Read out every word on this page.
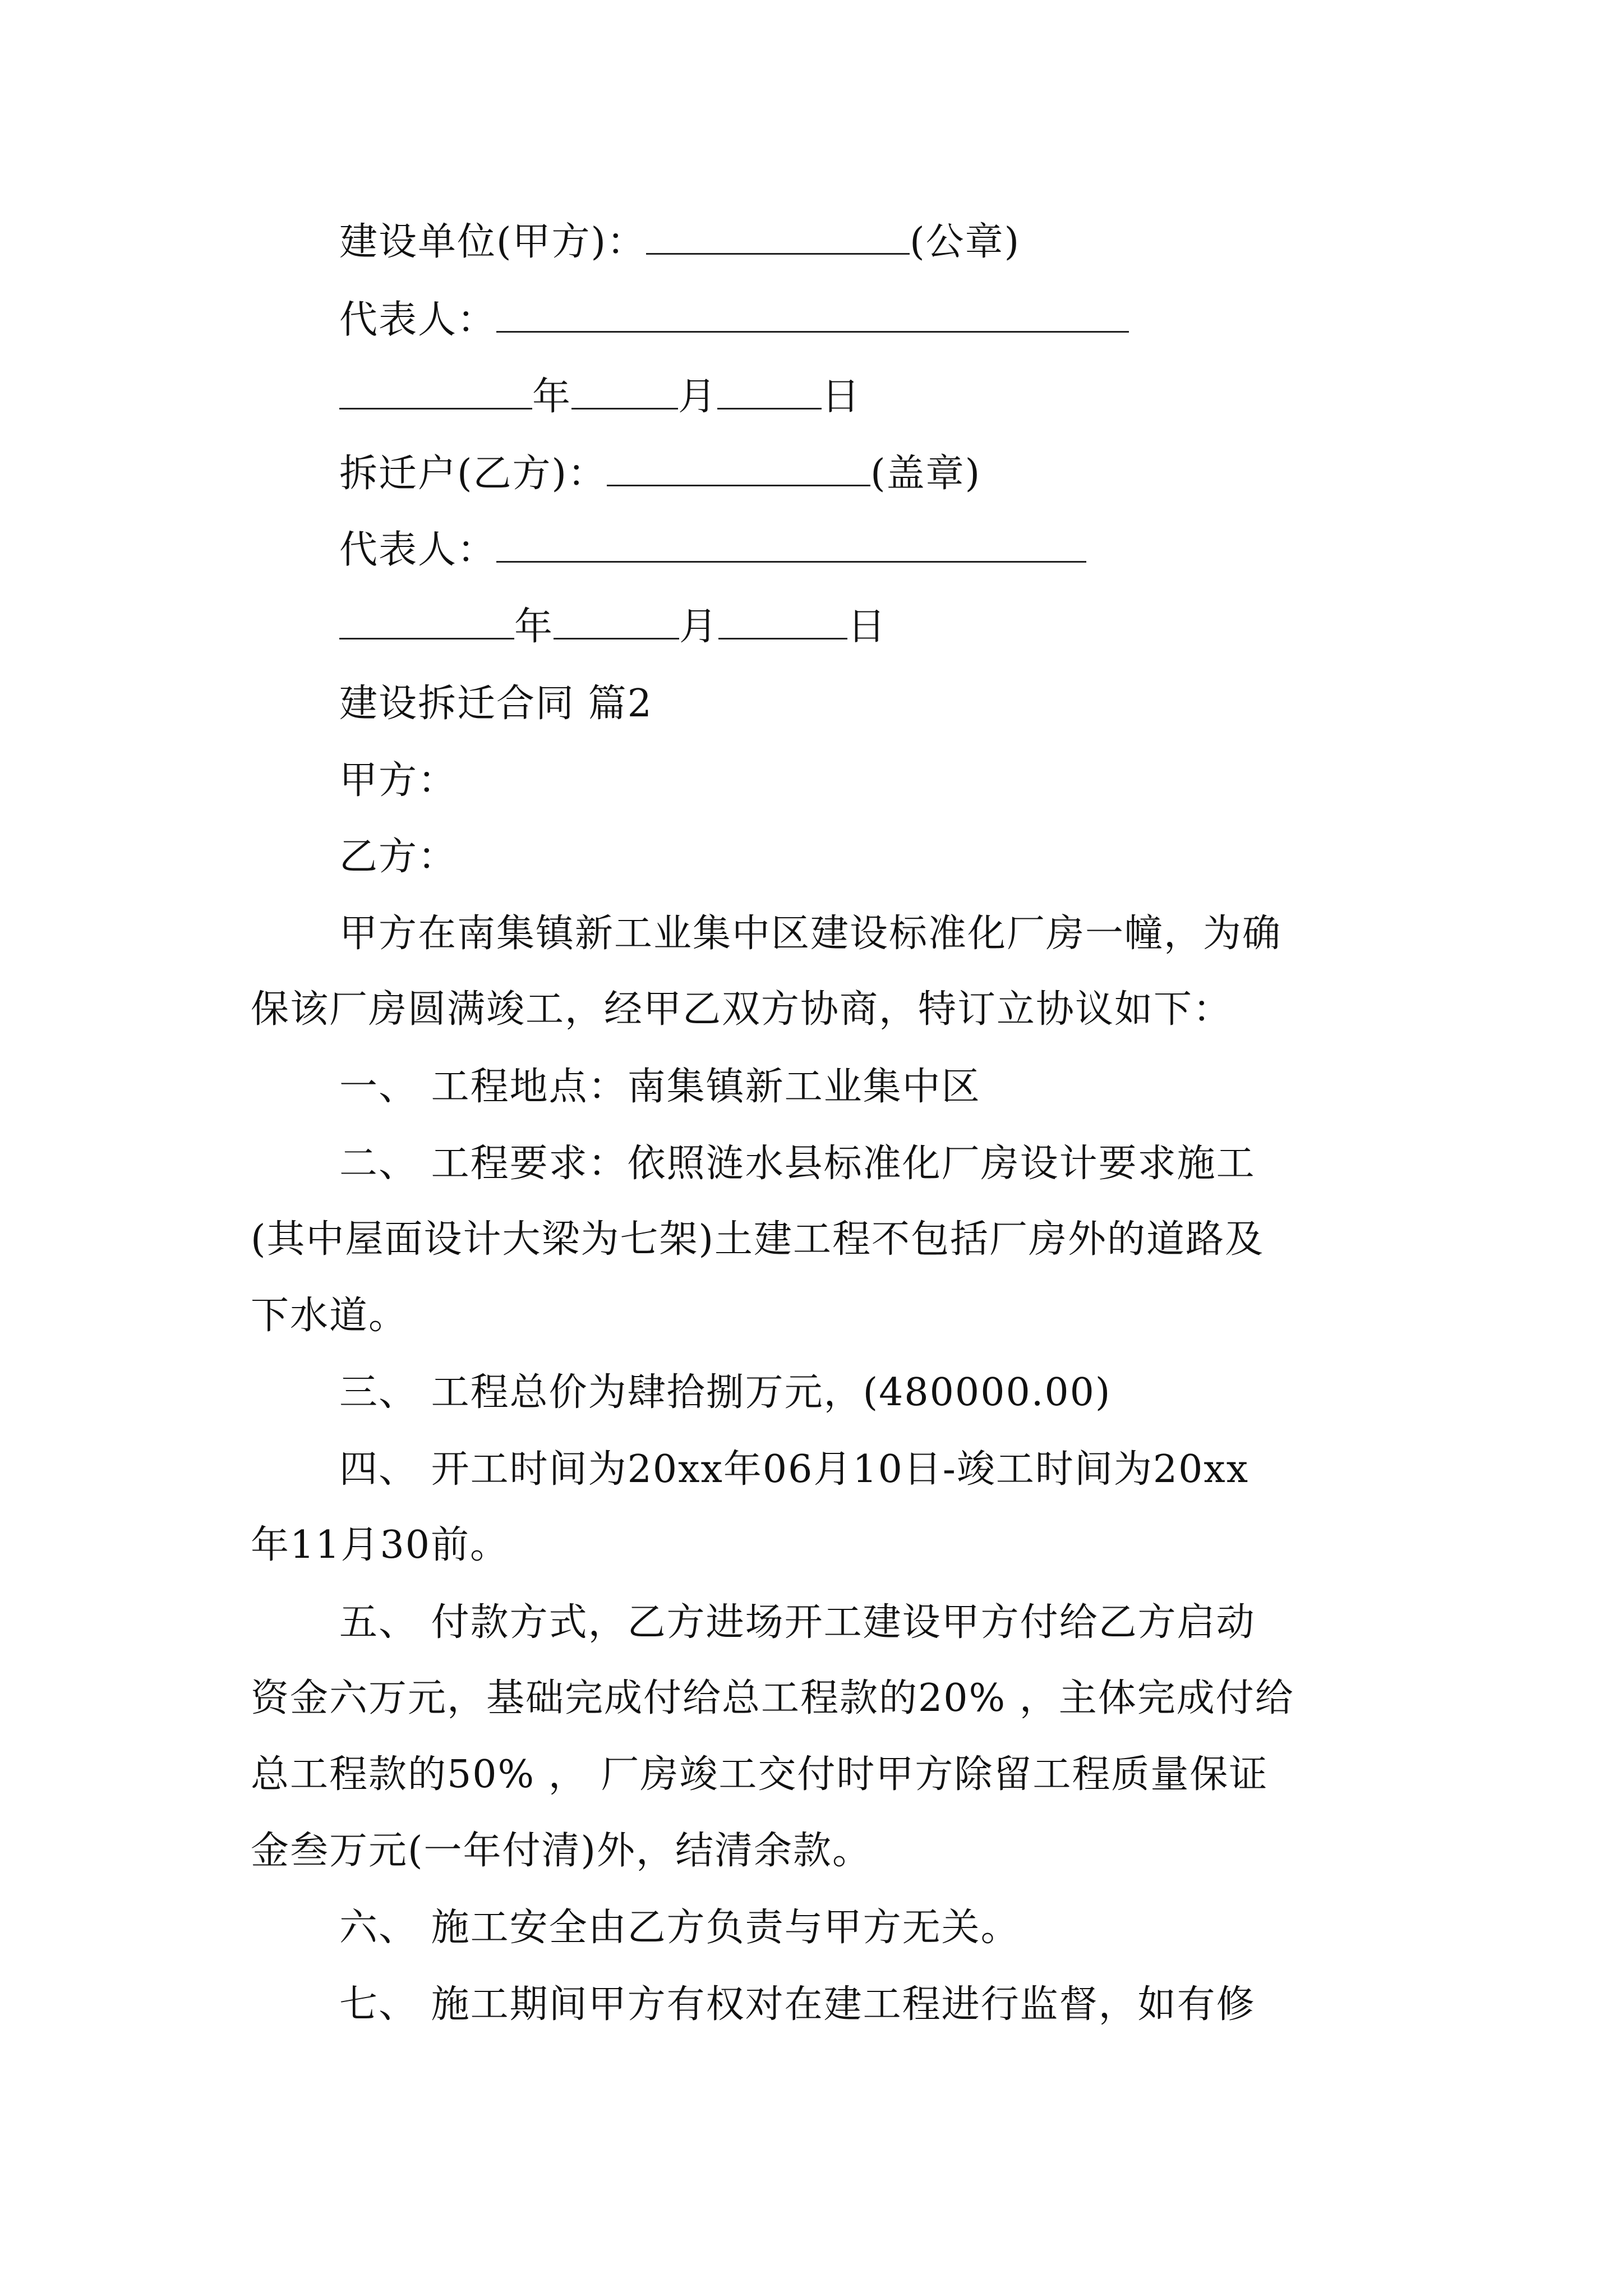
建设单位(甲方)：	(公章)
代表人：
年	月	日
拆迁户(乙方)：	(盖章)
代表人：
年	月	日
建设拆迁合同 篇2
甲方：
乙方：
甲方在南集镇新工业集中区建设标准化厂房一幢，为确
保该厂房圆满竣工，经甲乙双方协商，特订立协议如下：
一、 工程地点：南集镇新工业集中区
二、 工程要求：依照涟水县标准化厂房设计要求施工
(其中屋面设计大梁为七架)土建工程不包括厂房外的道路及
下水道。
三、 工程总价为肆拾捌万元，(480000.00)
四、 开工时间为20xx年06月10日-竣工时间为20xx
年11月30前。
五、 付款方式，乙方进场开工建设甲方付给乙方启动
资金六万元，基础完成付给总工程款的20% ，主体完成付给
总工程款的50% ， 厂房竣工交付时甲方除留工程质量保证
金叁万元(一年付清)外，结清余款。
六、 施工安全由乙方负责与甲方无关。
七、 施工期间甲方有权对在建工程进行监督，如有修
